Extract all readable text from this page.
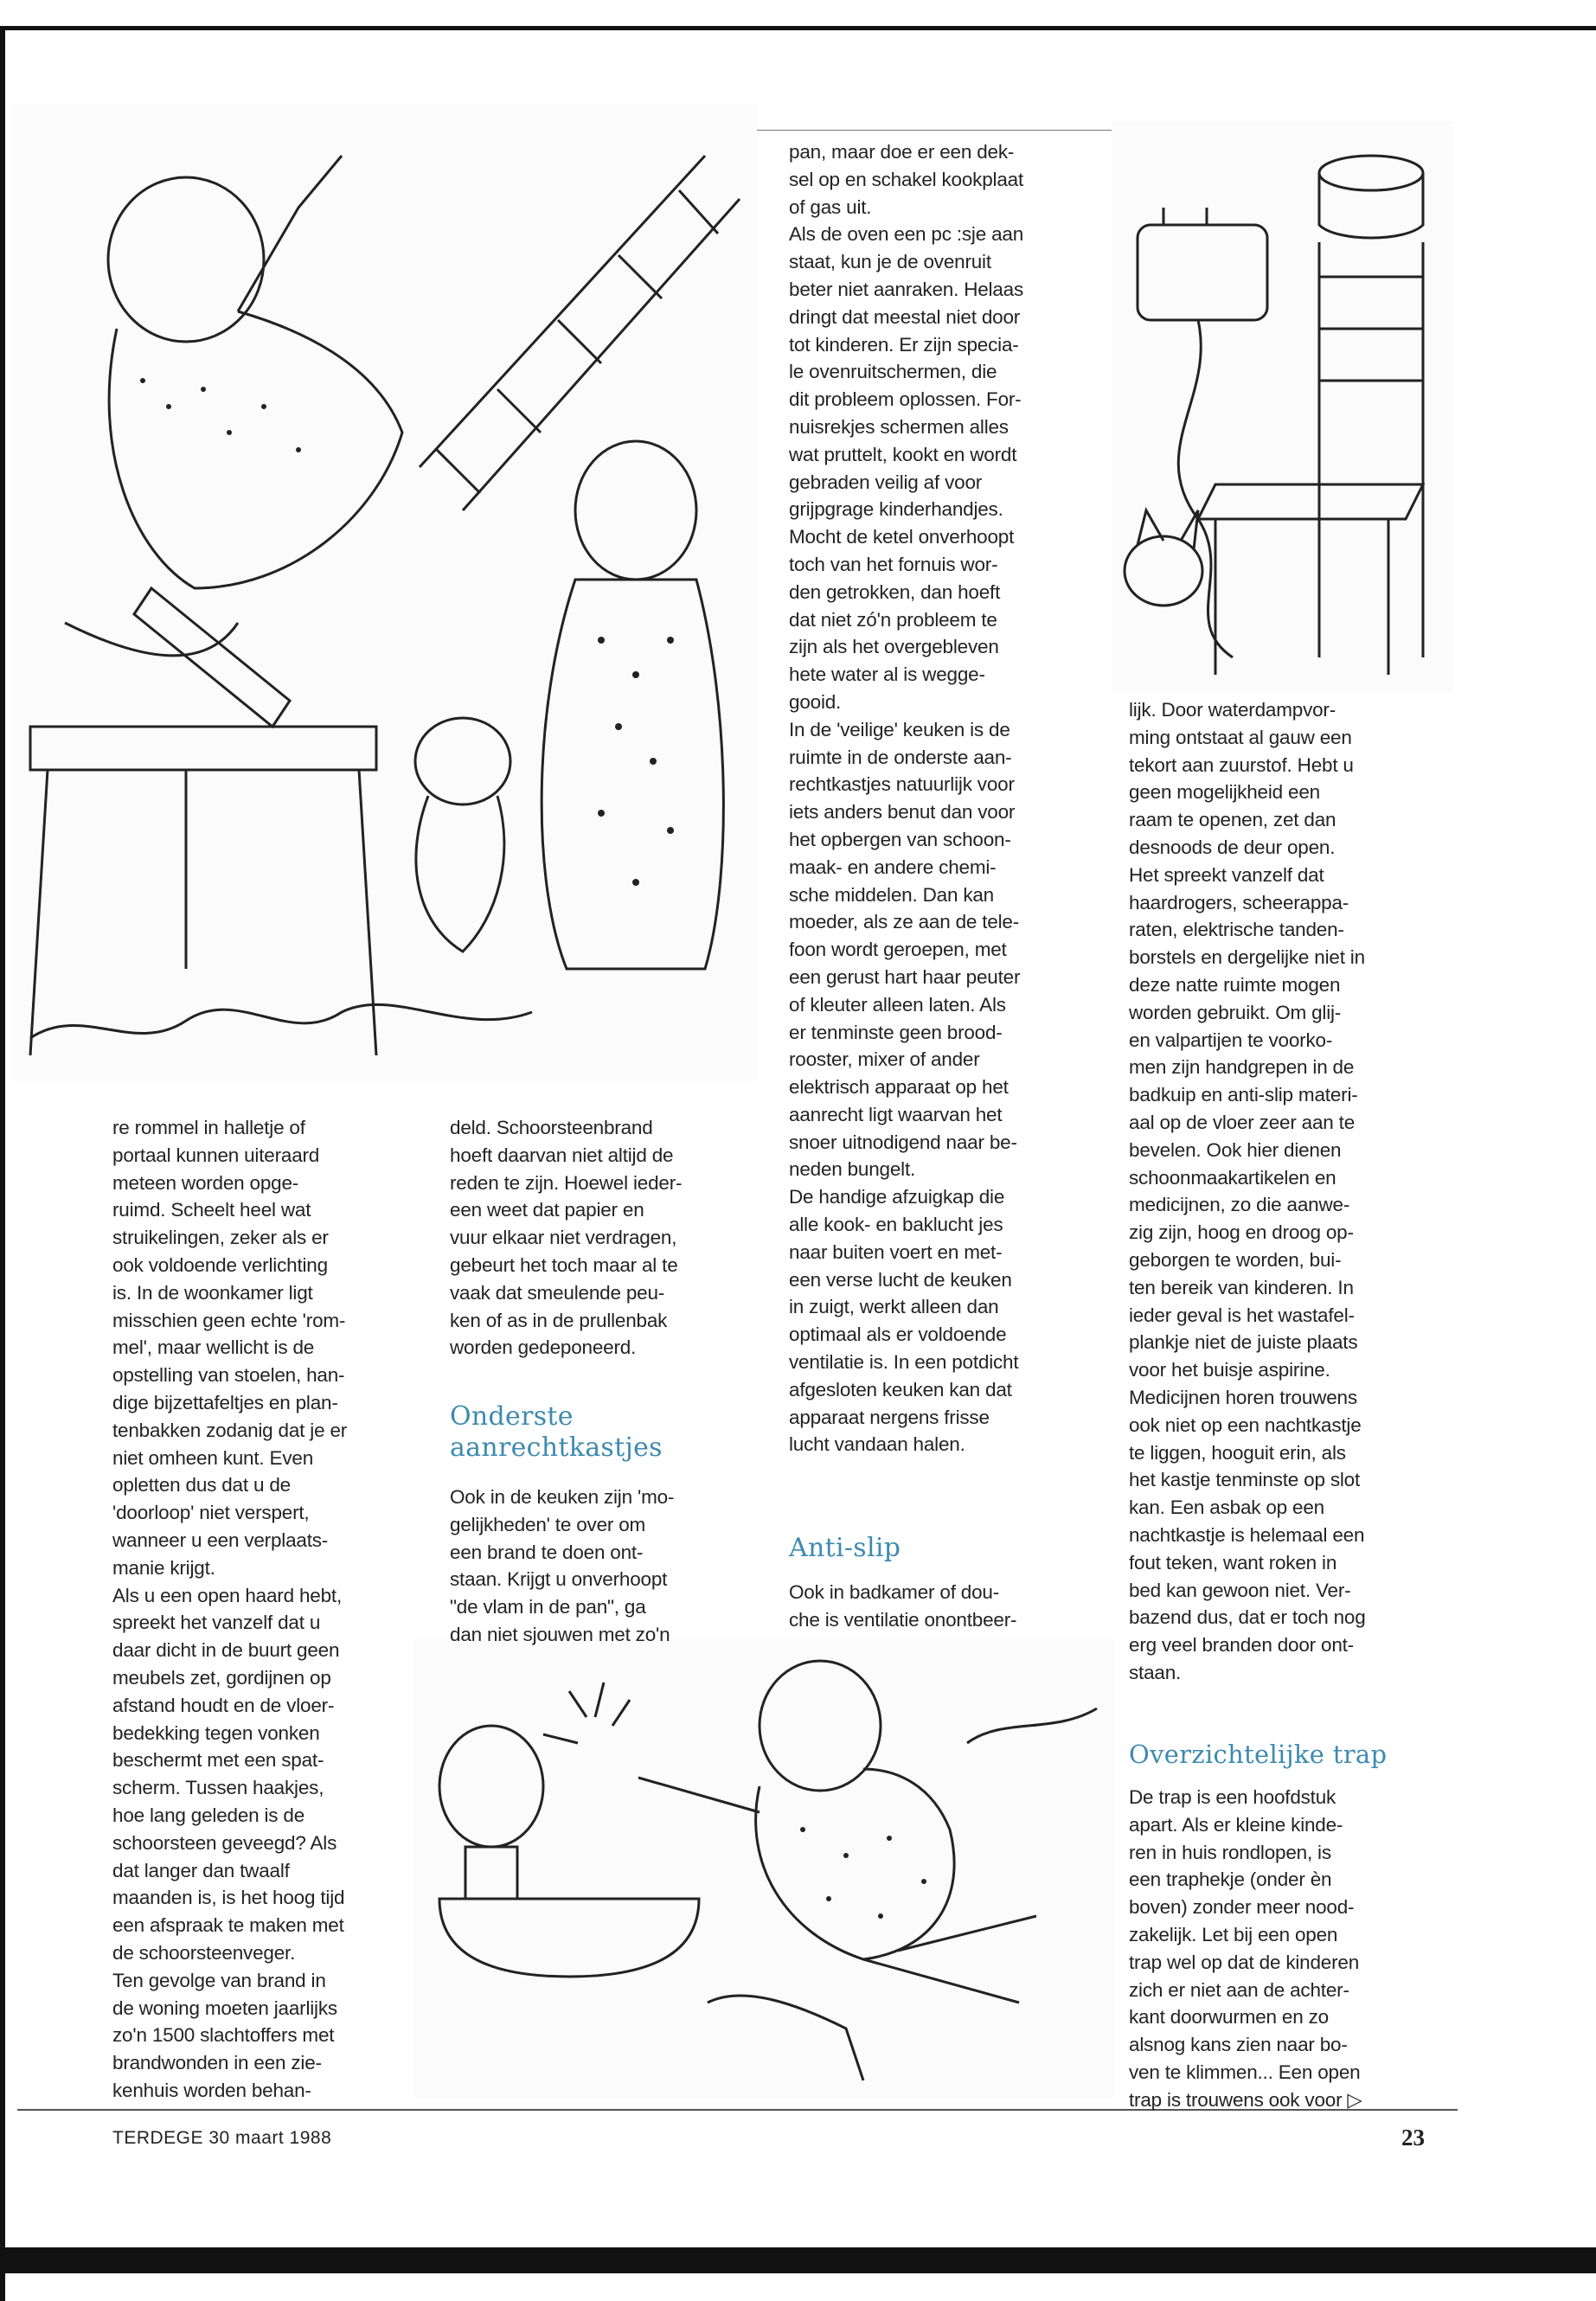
re rommel in halletje of
portaal kunnen uiteraard
meteen worden opge-
ruimd. Scheelt heel wat
struikelingen, zeker als er
ook voldoende verlichting
is. In de woonkamer ligt
misschien geen echte 'rom-
mel', maar wellicht is de
opstelling van stoelen, han-
dige bijzettafeltjes en plan-
tenbakken zodanig dat je er
niet omheen kunt. Even
opletten dus dat u de
'doorloop' niet verspert,
wanneer u een verplaats-
manie krijgt.
Als u een open haard hebt,
spreekt het vanzelf dat u
daar dicht in de buurt geen
meubels zet, gordijnen op
afstand houdt en de vloer-
bedekking tegen vonken
beschermt met een spat-
scherm. Tussen haakjes,
hoe lang geleden is de
schoorsteen geveegd? Als
dat langer dan twaalf
maanden is, is het hoog tijd
een afspraak te maken met
de schoorsteenveger.
Ten gevolge van brand in
de woning moeten jaarlijks
zo'n 1500 slachtoffers met
brandwonden in een zie-
kenhuis worden behan-

deld. Schoorsteenbrand
hoeft daarvan niet altijd de
reden te zijn. Hoewel ieder-
een weet dat papier en
vuur elkaar niet verdragen,
gebeurt het toch maar al te
vaak dat smeulende peu-
ken of as in de prullenbak
worden gedeponeerd.

Onderste
aanrechtkastjes

Ook in de keuken zijn 'mo-
gelijkheden' te over om
een brand te doen ont-
staan. Krijgt u onverhoopt
"de vlam in de pan", ga
dan niet sjouwen met zo'n

pan, maar doe er een dek-
sel op en schakel kookplaat
of gas uit.
Als de oven een pc :sje aan
staat, kun je de ovenruit
beter niet aanraken. Helaas
dringt dat meestal niet door
tot kinderen. Er zijn specia-
le ovenruitschermen, die
dit probleem oplossen. For-
nuisrekjes schermen alles
wat pruttelt, kookt en wordt
gebraden veilig af voor
grijpgrage kinderhandjes.
Mocht de ketel onverhoopt
toch van het fornuis wor-
den getrokken, dan hoeft
dat niet zó'n probleem te
zijn als het overgebleven
hete water al is wegge-
gooid.
In de 'veilige' keuken is de
ruimte in de onderste aan-
rechtkastjes natuurlijk voor
iets anders benut dan voor
het opbergen van schoon-
maak- en andere chemi-
sche middelen. Dan kan
moeder, als ze aan de tele-
foon wordt geroepen, met
een gerust hart haar peuter
of kleuter alleen laten. Als
er tenminste geen brood-
rooster, mixer of ander
elektrisch apparaat op het
aanrecht ligt waarvan het
snoer uitnodigend naar be-
neden bungelt.
De handige afzuigkap die
alle kook- en baklucht jes
naar buiten voert en met-
een verse lucht de keuken
in zuigt, werkt alleen dan
optimaal als er voldoende
ventilatie is. In een potdicht
afgesloten keuken kan dat
apparaat nergens frisse
lucht vandaan halen.

Anti-slip

Ook in badkamer of dou-
che is ventilatie onontbeer-

lijk. Door waterdampvor-
ming ontstaat al gauw een
tekort aan zuurstof. Hebt u
geen mogelijkheid een
raam te openen, zet dan
desnoods de deur open.
Het spreekt vanzelf dat
haardrogers, scheerappa-
raten, elektrische tanden-
borstels en dergelijke niet in
deze natte ruimte mogen
worden gebruikt. Om glij-
en valpartijen te voorko-
men zijn handgrepen in de
badkuip en anti-slip materi-
aal op de vloer zeer aan te
bevelen. Ook hier dienen
schoonmaakartikelen en
medicijnen, zo die aanwe-
zig zijn, hoog en droog op-
geborgen te worden, bui-
ten bereik van kinderen. In
ieder geval is het wastafel-
plankje niet de juiste plaats
voor het buisje aspirine.
Medicijnen horen trouwens
ook niet op een nachtkastje
te liggen, hooguit erin, als
het kastje tenminste op slot
kan. Een asbak op een
nachtkastje is helemaal een
fout teken, want roken in
bed kan gewoon niet. Ver-
bazend dus, dat er toch nog
erg veel branden door ont-
staan.

Overzichtelijke trap

De trap is een hoofdstuk
apart. Als er kleine kinde-
ren in huis rondlopen, is
een traphekje (onder èn
boven) zonder meer nood-
zakelijk. Let bij een open
trap wel op dat de kinderen
zich er niet aan de achter-
kant doorwurmen en zo
alsnog kans zien naar bo-
ven te klimmen... Een open
trap is trouwens ook voor ▷

TERDEGE 30 maart 1988	23
